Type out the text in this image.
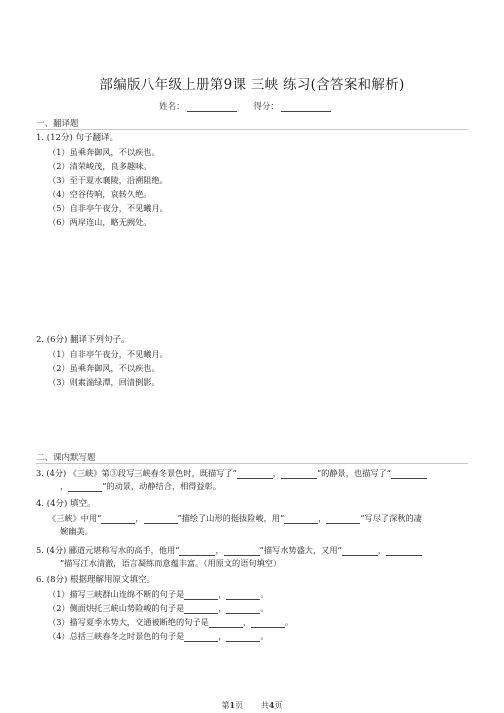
部编版八年级上册第9课 三峡 练习(含答案和解析)
姓名：	得分：
一、翻译题
1. (12分) 句子翻译。
（1）虽乘奔御风，不以疾也。
（2）清荣峻茂，良多趣味。
（3）至于夏水襄陵，沿溯阻绝。
（4）空谷传响，哀转久绝。
（5）自非亭午夜分，不见曦月。
（6）两岸连山，略无阙处。
2. (6分) 翻译下列句子。
（1）自非亭午夜分，不见曦月。
（2）虽乘奔御风，不以疾也。
（3）则素湍绿潭，回清倒影。
二、课内默写题
3. (4分) 《三峡》第③段写三峡春冬景色时，既描写了“	，	”的静景，也描写了“
，	”的动景，动静结合，相得益彰。
4. (4分) 填空。
《三峡》中用“	，	”描绘了山形的挺拔险峻，用“	，	”写尽了深秋的凄
婉幽美。
5. (4分) 郦道元堪称写水的高手，他用“	，	”描写水势盛大，又用“	，
”描写江水清澈，语言凝练而意蕴丰富。（用原文的语句填空）
6. (8分) 根据理解用原文填空。
（1）描写三峡群山连绵不断的句子是	，	。
（2）侧面烘托三峡山势险峻的句子是	，	。
（3）描写夏季水势大，交通被断绝的句子是	，	。
（4）总括三峡春冬之时景色的句子是	，	。
第1页 共4页
